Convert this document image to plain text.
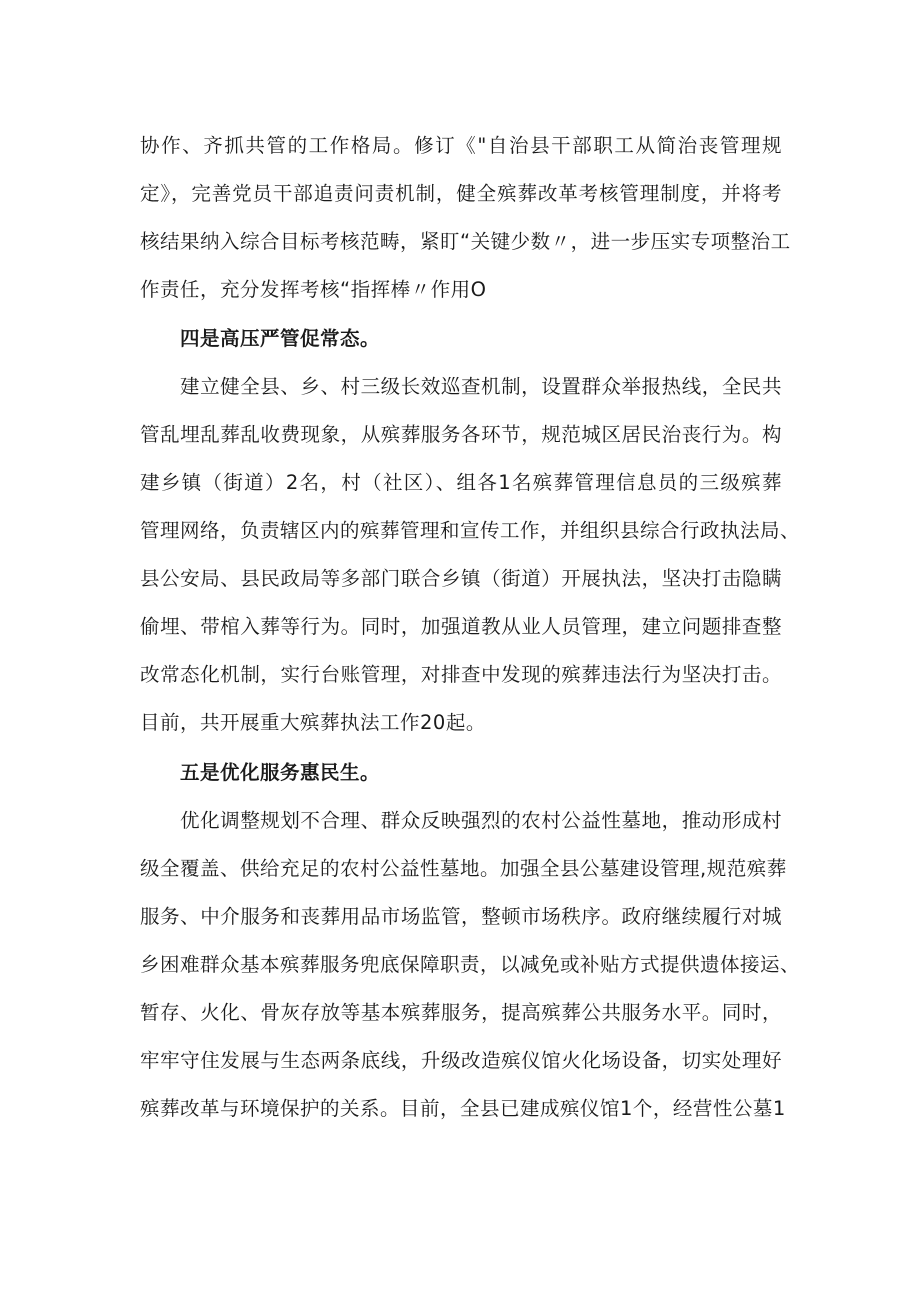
协作、齐抓共管的工作格局。修订《"自治县干部职工从简治丧管理规
定》，完善党员干部追责问责机制，健全殡葬改革考核管理制度，并将考
核结果纳入综合目标考核范畴，紧盯“关键少数〃，进一步压实专项整治工
作责任，充分发挥考核“指挥棒〃作用O
四是高压严管促常态。
建立健全县、乡、村三级长效巡查机制，设置群众举报热线，全民共
管乱埋乱葬乱收费现象，从殡葬服务各环节，规范城区居民治丧行为。构
建乡镇（街道）2名，村（社区）、组各1名殡葬管理信息员的三级殡葬
管理网络，负责辖区内的殡葬管理和宣传工作，并组织县综合行政执法局、
县公安局、县民政局等多部门联合乡镇（街道）开展执法，坚决打击隐瞒
偷埋、带棺入葬等行为。同时，加强道教从业人员管理，建立问题排查整
改常态化机制，实行台账管理，对排查中发现的殡葬违法行为坚决打击。
目前，共开展重大殡葬执法工作20起。
五是优化服务惠民生。
优化调整规划不合理、群众反映强烈的农村公益性墓地，推动形成村
级全覆盖、供给充足的农村公益性墓地。加强全县公墓建设管理,规范殡葬
服务、中介服务和丧葬用品市场监管，整顿市场秩序。政府继续履行对城
乡困难群众基本殡葬服务兜底保障职责，以减免或补贴方式提供遗体接运、
暂存、火化、骨灰存放等基本殡葬服务，提高殡葬公共服务水平。同时，
牢牢守住发展与生态两条底线，升级改造殡仪馆火化场设备，切实处理好
殡葬改革与环境保护的关系。目前，全县已建成殡仪馆1个，经营性公墓1
